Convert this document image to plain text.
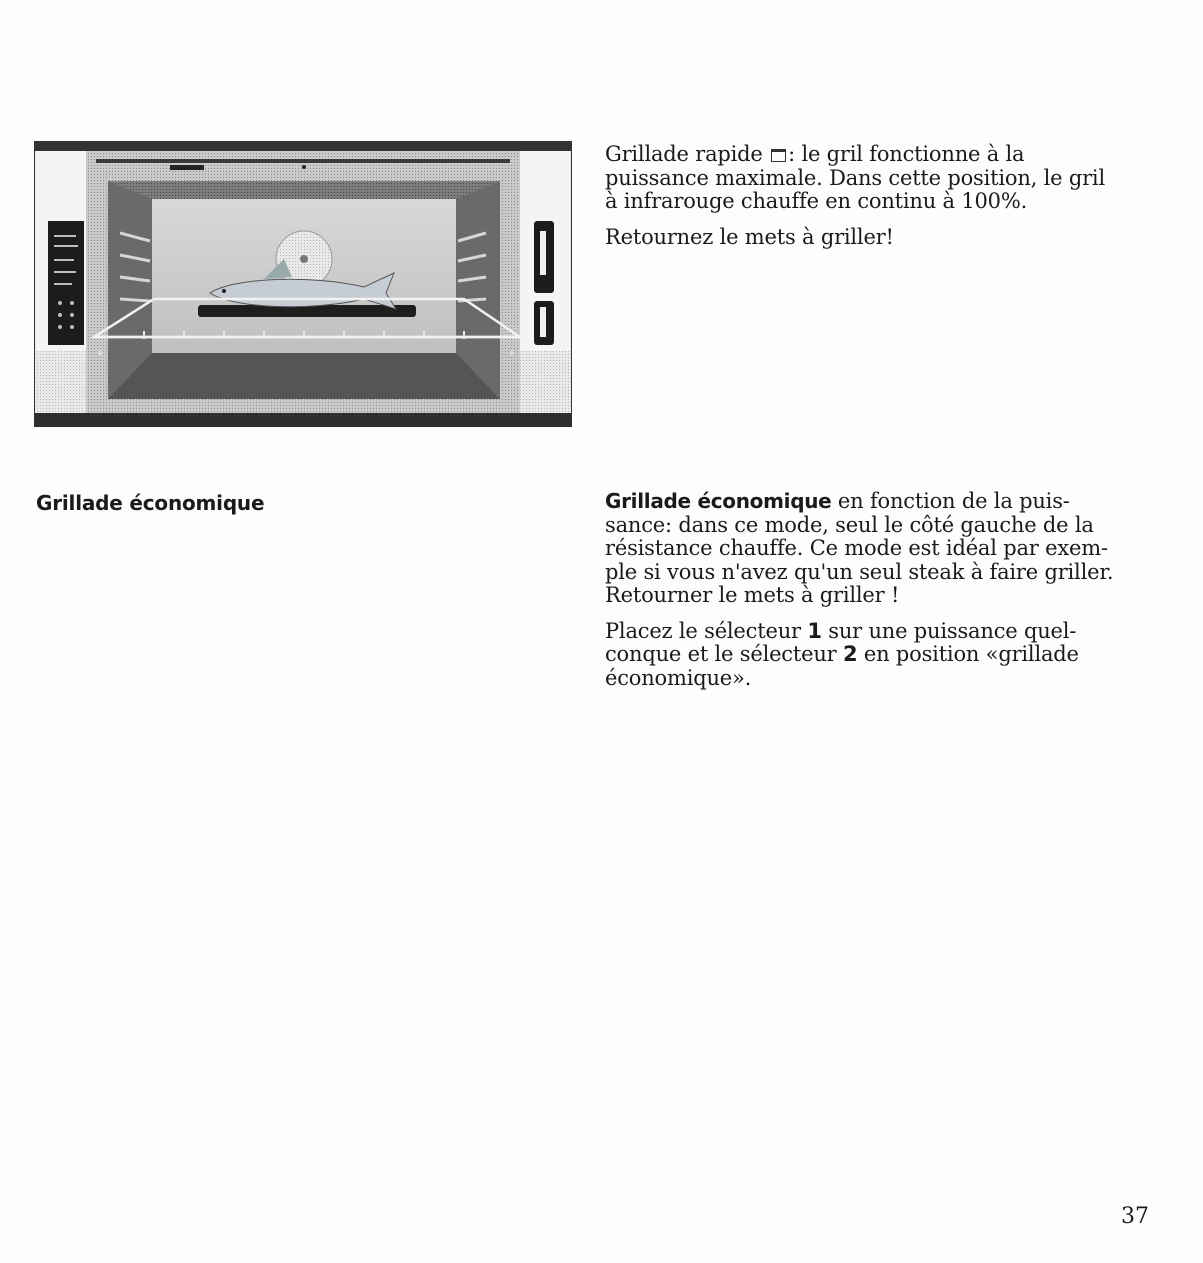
Grillade rapide : le gril fonctionne à la
puissance maximale. Dans cette position, le gril
à infrarouge chauffe en continu à 100%.

Retournez le mets à griller!

Grillade économique	Grillade économique en fonction de la puis-
sance: dans ce mode, seul le côté gauche de la
résistance chauffe. Ce mode est idéal par exem-
ple si vous n'avez qu'un seul steak à faire griller.
Retourner le mets à griller !

Placez le sélecteur 1 sur une puissance quel-
conque et le sélecteur 2 en position «grillade
économique».

37
